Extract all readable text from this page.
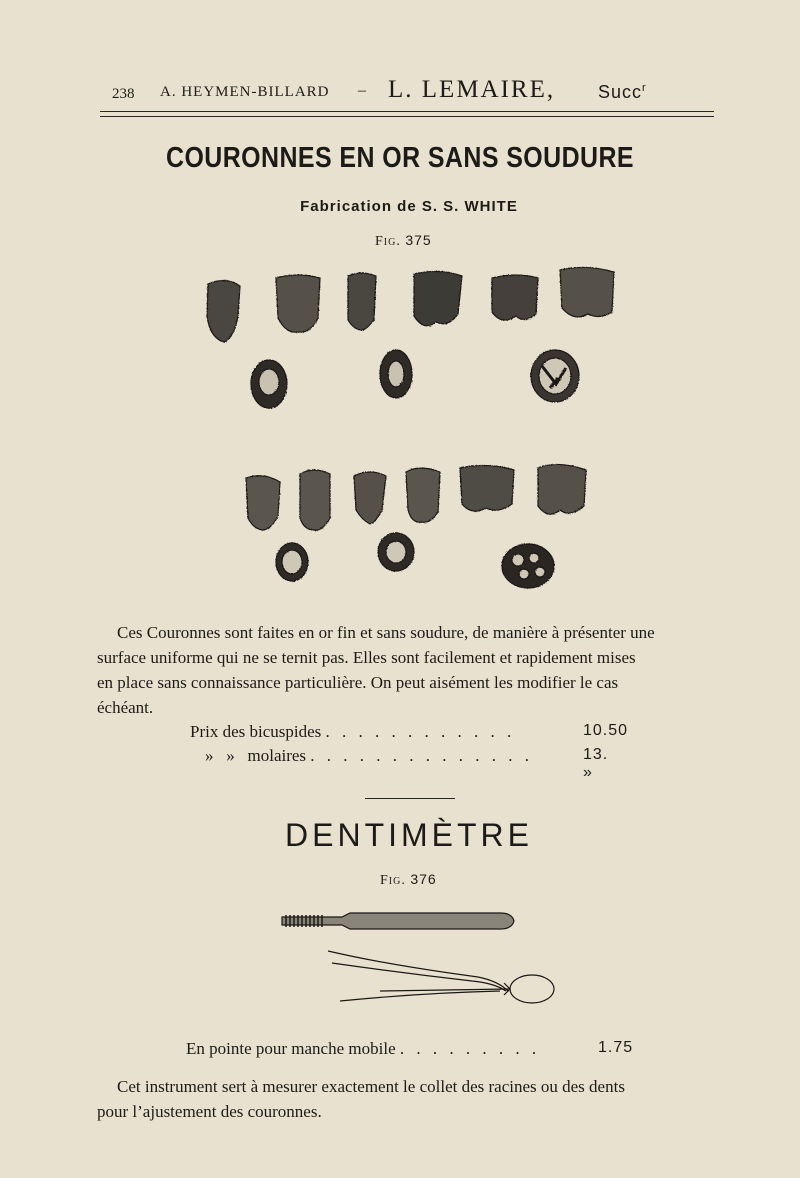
238 A. HEYMEN-BILLARD – L. LEMAIRE, Succ$^r$
COURONNES EN OR SANS SOUDURE
Fabrication de S. S. WHITE
Fig. 375
Ces Couronnes sont faites en or fin et sans soudure, de manière à présenter une
surface uniforme qui ne se ternit pas. Elles sont facilement et rapidement mises
en place sans connaissance particulière. On peut aisément les modifier le cas
échéant.
Prix des bicuspides . . . . . . . . . . . .	10.50
»   »   molaires . . . . . . . . . . . . . .	13. »
DENTIMÈTRE
Fig. 376
En pointe pour manche mobile . . . . . . . . .	1.75
Cet instrument sert à mesurer exactement le collet des racines ou des dents
pour l’ajustement des couronnes.
